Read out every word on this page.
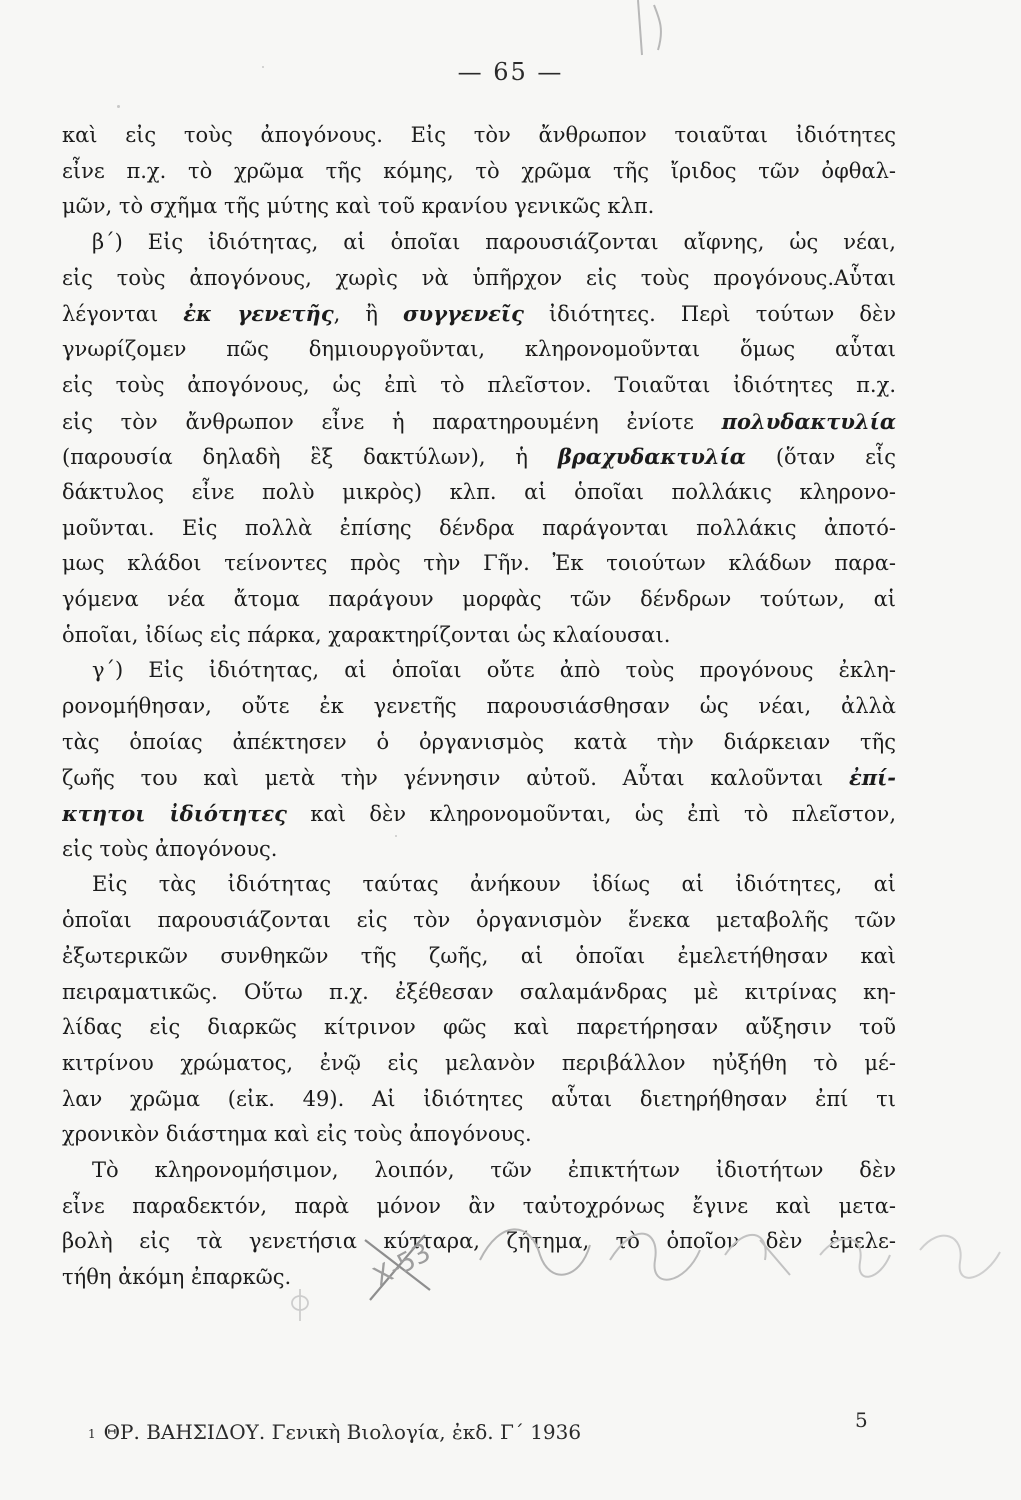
— 65 —
καὶ εἰς τοὺς ἀπογόνους. Εἰς τὸν ἄνθρωπον τοιαῦται ἰδιότητες
εἶνε π.χ. τὸ χρῶμα τῆς κόμης, τὸ χρῶμα τῆς ἴριδος τῶν ὀφθαλ-
μῶν, τὸ σχῆμα τῆς μύτης καὶ τοῦ κρανίου γενικῶς κλπ.
β΄) Εἰς ἰδιότητας, αἱ ὁποῖαι παρουσιάζονται αἴφνης, ὡς νέαι,
εἰς τοὺς ἀπογόνους, χωρὶς νὰ ὑπῆρχον εἰς τοὺς προγόνους.Αὗται
λέγονται ἐκ γενετῆς, ἢ συγγενεῖς ἰδιότητες. Περὶ τούτων δὲν
γνωρίζομεν πῶς δημιουργοῦνται, κληρονομοῦνται ὅμως αὗται
εἰς τοὺς ἀπογόνους, ὡς ἐπὶ τὸ πλεῖστον. Τοιαῦται ἰδιότητες π.χ.
εἰς τὸν ἄνθρωπον εἶνε ἡ παρατηρουμένη ἐνίοτε πολυδακτυλία
(παρουσία δηλαδὴ ἓξ δακτύλων), ἡ βραχυδακτυλία (ὅταν εἷς
δάκτυλος εἶνε πολὺ μικρὸς) κλπ. αἱ ὁποῖαι πολλάκις κληρονο-
μοῦνται. Εἰς πολλὰ ἐπίσης δένδρα παράγονται πολλάκις ἀποτό-
μως κλάδοι τείνοντες πρὸς τὴν Γῆν. Ἐκ τοιούτων κλάδων παρα-
γόμενα νέα ἄτομα παράγουν μορφὰς τῶν δένδρων τούτων, αἱ
ὁποῖαι, ἰδίως εἰς πάρκα, χαρακτηρίζονται ὡς κλαίουσαι.
γ΄) Εἰς ἰδιότητας, αἱ ὁποῖαι οὔτε ἀπὸ τοὺς προγόνους ἐκλη-
ρονομήθησαν, οὔτε ἐκ γενετῆς παρουσιάσθησαν ὡς νέαι, ἀλλὰ
τὰς ὁποίας ἀπέκτησεν ὁ ὀργανισμὸς κατὰ τὴν διάρκειαν τῆς
ζωῆς του καὶ μετὰ τὴν γέννησιν αὐτοῦ. Αὗται καλοῦνται ἐπί-
κτητοι ἰδιότητες καὶ δὲν κληρονομοῦνται, ὡς ἐπὶ τὸ πλεῖστον,
εἰς τοὺς ἀπογόνους.
Εἰς τὰς ἰδιότητας ταύτας ἀνήκουν ἰδίως αἱ ἰδιότητες, αἱ
ὁποῖαι παρουσιάζονται εἰς τὸν ὀργανισμὸν ἕνεκα μεταβολῆς τῶν
ἐξωτερικῶν συνθηκῶν τῆς ζωῆς, αἱ ὁποῖαι ἐμελετήθησαν καὶ
πειραματικῶς. Οὕτω π.χ. ἐξέθεσαν σαλαμάνδρας μὲ κιτρίνας κη-
λίδας εἰς διαρκῶς κίτρινον φῶς καὶ παρετήρησαν αὔξησιν τοῦ
κιτρίνου χρώματος, ἐνῷ εἰς μελανὸν περιβάλλον ηὐξήθη τὸ μέ-
λαν χρῶμα (εἰκ. 49). Αἱ ἰδιότητες αὗται διετηρήθησαν ἐπί τι
χρονικὸν διάστημα καὶ εἰς τοὺς ἀπογόνους.
Τὸ κληρονομήσιμον, λοιπόν, τῶν ἐπικτήτων ἰδιοτήτων δὲν
εἶνε παραδεκτόν, παρὰ μόνον ἂν ταὐτοχρόνως ἔγινε καὶ μετα-
βολὴ εἰς τὰ γενετήσια κύτταρα, ζήτημα, τὸ ὁποῖον δὲν ἐμελε-
τήθη ἀκόμη ἐπαρκῶς.	Χ-53
1 ΘΡ. ΒΑΗΣΙΔΟΥ. Γενικὴ Βιολογία, ἐκδ. Γ΄ 1936	5
